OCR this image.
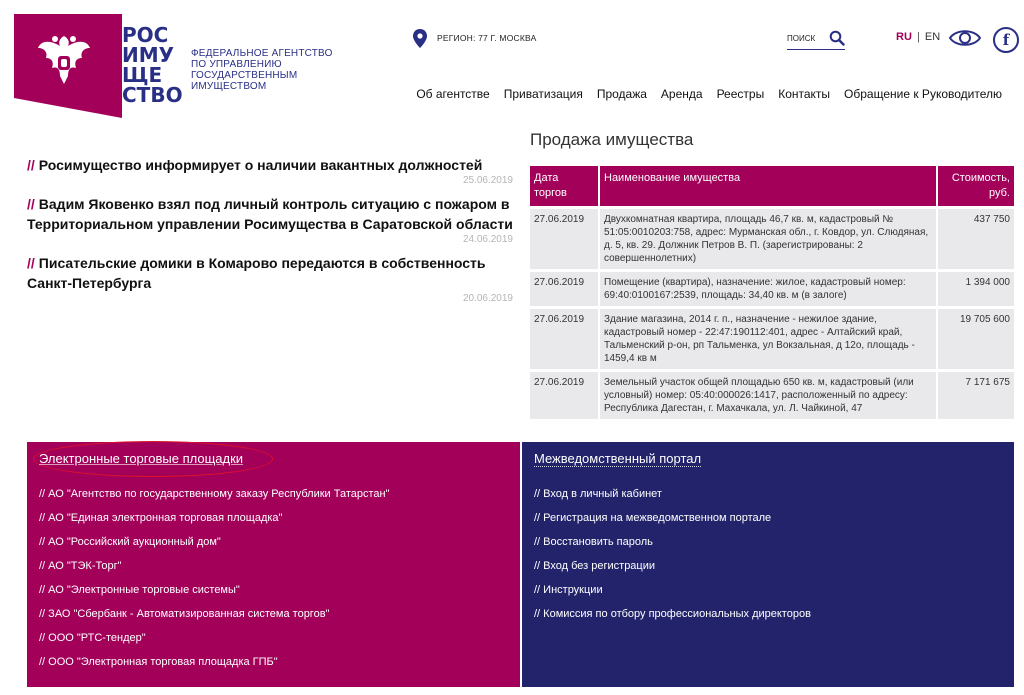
РОС
ИМУ
ЩЕ
СТВО
ФЕДЕРАЛЬНОЕ АГЕНТСТВО
ПО УПРАВЛЕНИЮ
ГОСУДАРСТВЕННЫМ
ИМУЩЕСТВОМ
РЕГИОН: 77 Г. МОСКВА	ПОИСК	RU | EN	f
Об агентстве Приватизация Продажа Аренда Реестры Контакты Обращение к Руководителю
// Росимущество информирует о наличии вакантных должностей
25.06.2019
// Вадим Яковенко взял под личный контроль ситуацию с пожаром в Территориальном управлении Росимущества в Саратовской области
24.06.2019
// Писательские домики в Комарово передаются в собственность Санкт-Петербурга
20.06.2019
Продажа имущества
Дата торгов	Наименование имущества	Стоимость, руб.
27.06.2019	Двухкомнатная квартира, площадь 46,7 кв. м, кадастровый № 51:05:0010203:758, адрес: Мурманская обл., г. Ковдор, ул. Слюдяная, д. 5, кв. 29. Должник Петров В. П. (зарегистрированы: 2 совершеннолетних)	437 750
27.06.2019	Помещение (квартира), назначение: жилое, кадастровый номер: 69:40:0100167:2539, площадь: 34,40 кв. м (в залоге)	1 394 000
27.06.2019	Здание магазина, 2014 г. п., назначение - нежилое здание, кадастровый номер - 22:47:190112:401, адрес - Алтайский край, Тальменский р-он, рп Тальменка, ул Вокзальная, д 12о, площадь - 1459,4 кв м	19 705 600
27.06.2019	Земельный участок общей площадью 650 кв. м, кадастровый (или условный) номер: 05:40:000026:1417, расположенный по адресу: Республика Дагестан, г. Махачкала, ул. Л. Чайкиной, 47	7 171 675
Электронные торговые площадки
// АО "Агентство по государственному заказу Республики Татарстан"
// АО "Единая электронная торговая площадка"
// АО "Российский аукционный дом"
// АО "ТЭК-Торг"
// АО "Электронные торговые системы"
// ЗАО "Сбербанк - Автоматизированная система торгов"
// ООО "РТС-тендер"
// ООО "Электронная торговая площадка ГПБ"
Межведомственный портал
// Вход в личный кабинет
// Регистрация на межведомственном портале
// Восстановить пароль
// Вход без регистрации
// Инструкции
// Комиссия по отбору профессиональных директоров
